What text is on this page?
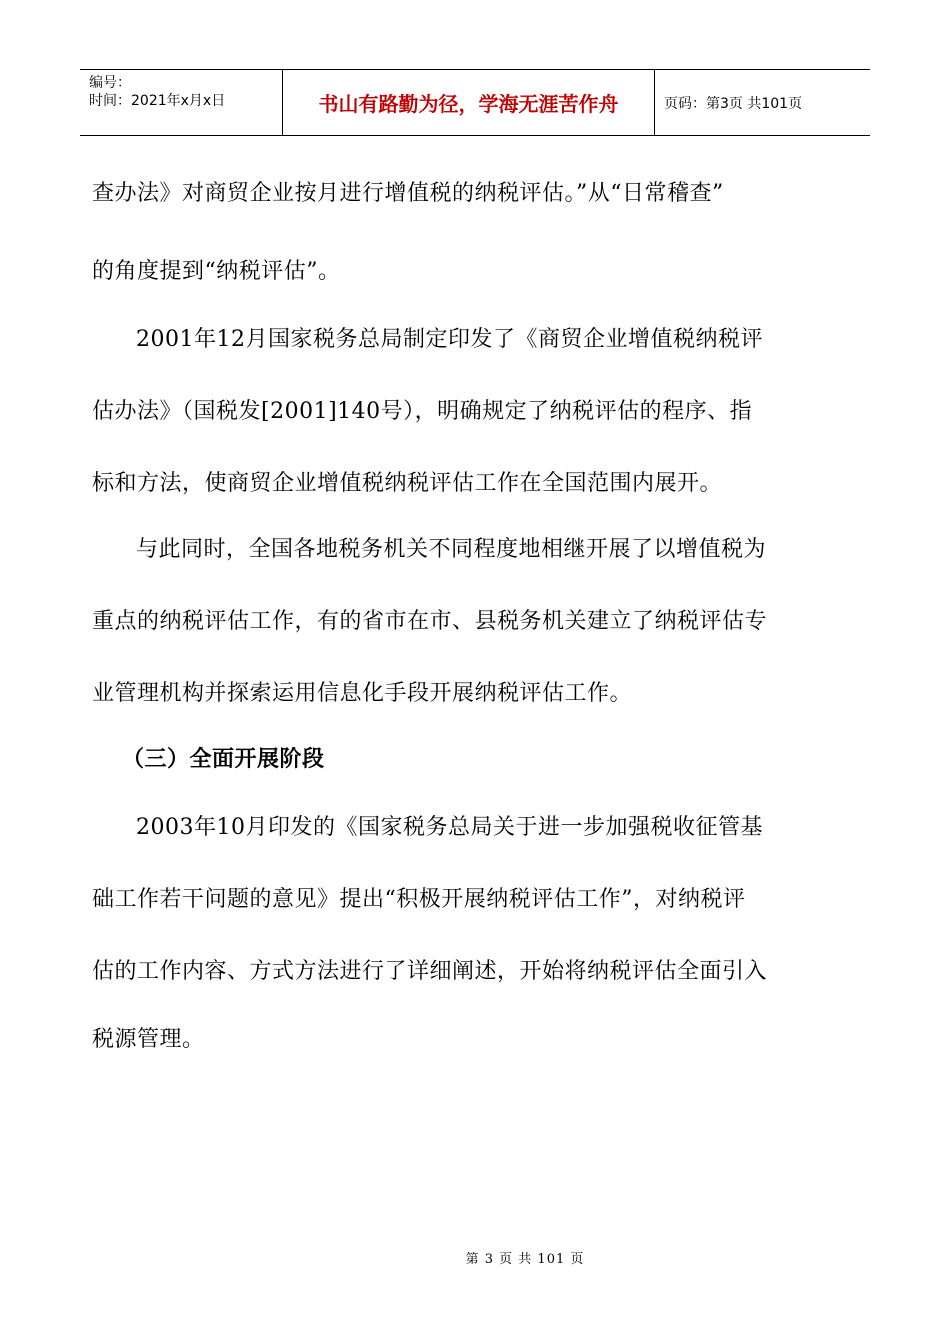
编号：
时间：2021年x月x日	书山有路勤为径，学海无涯苦作舟	页码：第3页 共101页
查办法》对商贸企业按月进行增值税的纳税评估。”从“日常稽查”
的角度提到“纳税评估”。
2001年12月国家税务总局制定印发了《商贸企业增值税纳税评
估办法》（国税发[2001]140号），明确规定了纳税评估的程序、指
标和方法，使商贸企业增值税纳税评估工作在全国范围内展开。
与此同时，全国各地税务机关不同程度地相继开展了以增值税为
重点的纳税评估工作，有的省市在市、县税务机关建立了纳税评估专
业管理机构并探索运用信息化手段开展纳税评估工作。
（三）全面开展阶段
2003年10月印发的《国家税务总局关于进一步加强税收征管基
础工作若干问题的意见》提出“积极开展纳税评估工作”，对纳税评
估的工作内容、方式方法进行了详细阐述，开始将纳税评估全面引入
税源管理。
第 3 页 共 101 页
